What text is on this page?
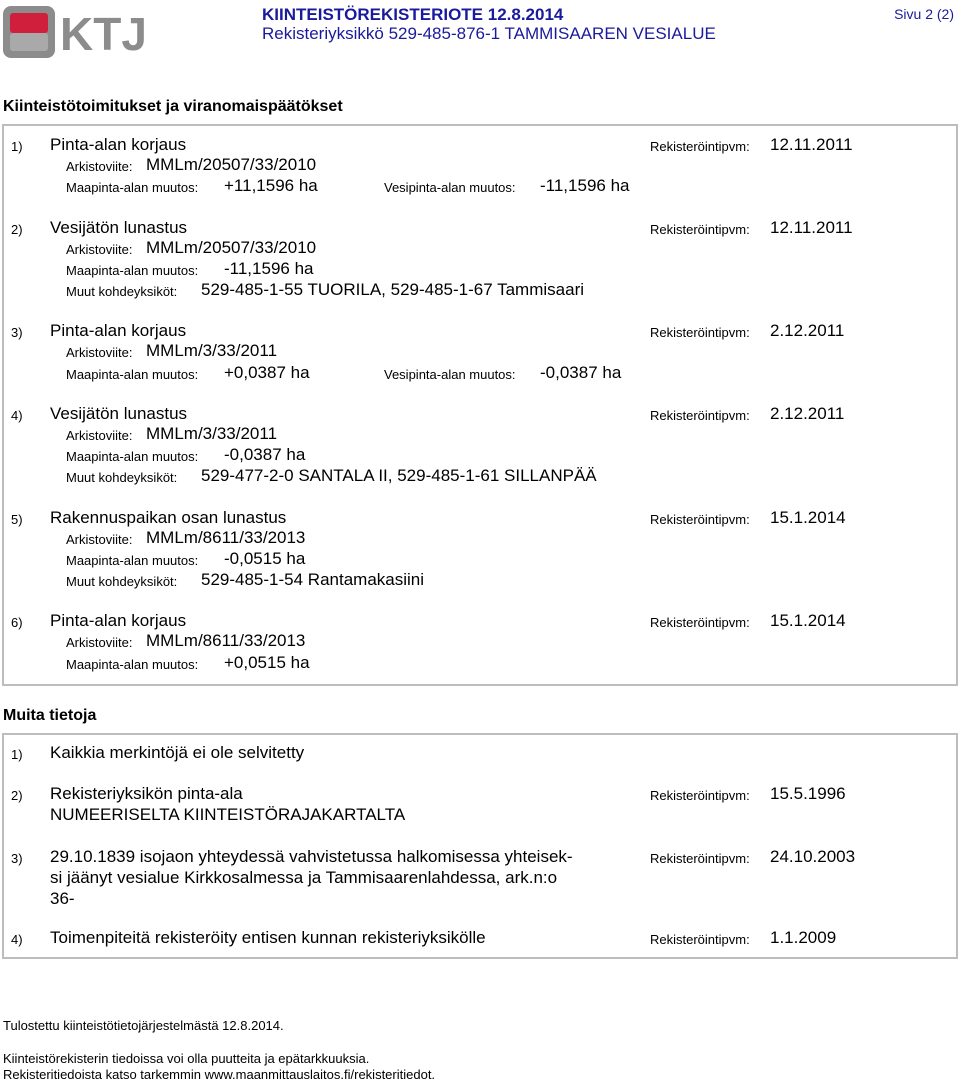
KTJ	KIINTEISTÖREKISTERIOTE 12.8.2014
Rekisteriyksikkö 529-485-876-1 TAMMISAAREN VESIALUE
Sivu 2 (2)
Kiinteistötoimitukset ja viranomaispäätökset
1) Pinta-alan korjaus	Rekisteröintipvm: 12.11.2011
Arkistoviite: MMLm/20507/33/2010
Maapinta-alan muutos: +11,1596 ha	Vesipinta-alan muutos: -11,1596 ha
2) Vesijätön lunastus	Rekisteröintipvm: 12.11.2011
Arkistoviite: MMLm/20507/33/2010
Maapinta-alan muutos: -11,1596 ha
Muut kohdeyksiköt: 529-485-1-55 TUORILA, 529-485-1-67 Tammisaari
3) Pinta-alan korjaus	Rekisteröintipvm: 2.12.2011
Arkistoviite: MMLm/3/33/2011
Maapinta-alan muutos: +0,0387 ha	Vesipinta-alan muutos: -0,0387 ha
4) Vesijätön lunastus	Rekisteröintipvm: 2.12.2011
Arkistoviite: MMLm/3/33/2011
Maapinta-alan muutos: -0,0387 ha
Muut kohdeyksiköt: 529-477-2-0 SANTALA II, 529-485-1-61 SILLANPÄÄ
5) Rakennuspaikan osan lunastus	Rekisteröintipvm: 15.1.2014
Arkistoviite: MMLm/8611/33/2013
Maapinta-alan muutos: -0,0515 ha
Muut kohdeyksiköt: 529-485-1-54 Rantamakasiini
6) Pinta-alan korjaus	Rekisteröintipvm: 15.1.2014
Arkistoviite: MMLm/8611/33/2013
Maapinta-alan muutos: +0,0515 ha
Muita tietoja
1) Kaikkia merkintöjä ei ole selvitetty
2) Rekisteriyksikön pinta-ala
NUMEERISELTA KIINTEISTÖRAJAKARTALTA
Rekisteröintipvm: 15.5.1996
3) 29.10.1839 isojaon yhteydessä vahvistetussa halkomisessa yhteisek-
si jäänyt vesialue Kirkkosalmessa ja Tammisaarenlahdessa, ark.n:o
36-
Rekisteröintipvm: 24.10.2003
4) Toimenpiteitä rekisteröity entisen kunnan rekisteriyksikölle	Rekisteröintipvm: 1.1.2009
Tulostettu kiinteistötietojärjestelmästä 12.8.2014.
Kiinteistörekisterin tiedoissa voi olla puutteita ja epätarkkuuksia.
Rekisteritiedoista katso tarkemmin www.maanmittauslaitos.fi/rekisteritiedot.
